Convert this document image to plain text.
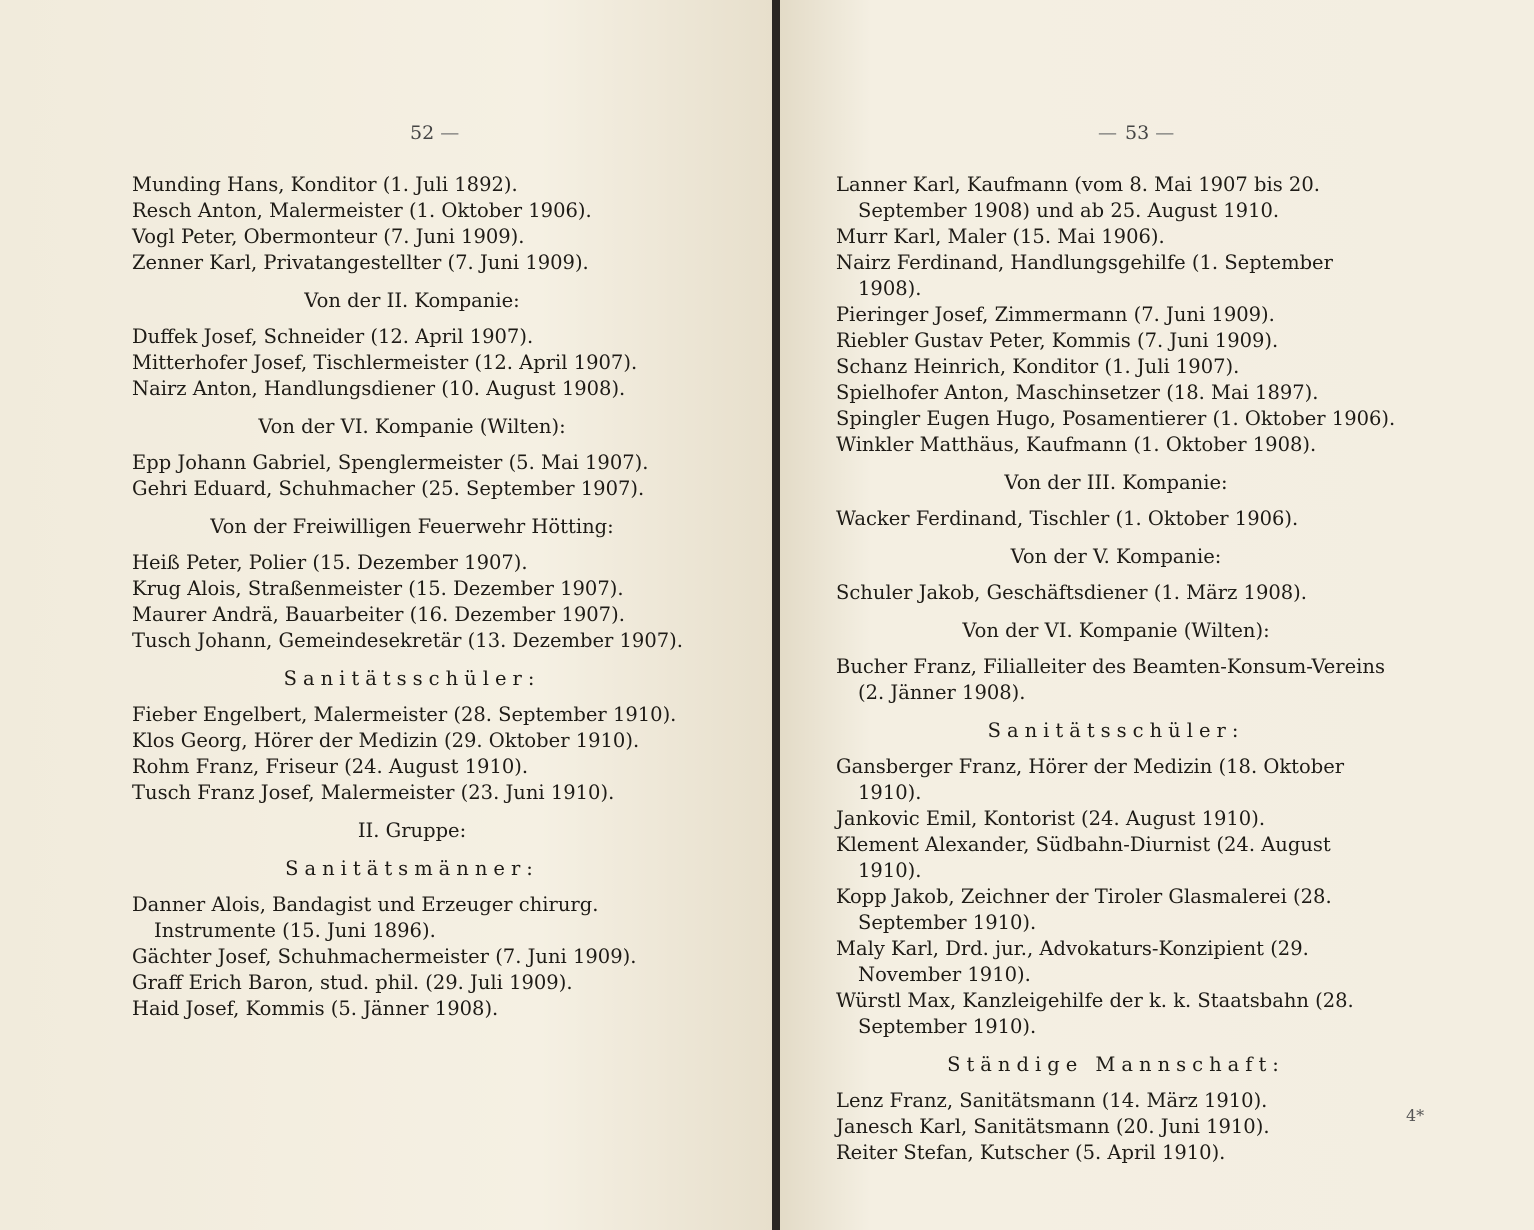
52 —
Munding Hans, Konditor (1. Juli 1892).
Resch Anton, Malermeister (1. Oktober 1906).
Vogl Peter, Obermonteur (7. Juni 1909).
Zenner Karl, Privatangestellter (7. Juni 1909).
Von der II. Kompanie:
Duffek Josef, Schneider (12. April 1907).
Mitterhofer Josef, Tischlermeister (12. April 1907).
Nairz Anton, Handlungsdiener (10. August 1908).
Von der VI. Kompanie (Wilten):
Epp Johann Gabriel, Spenglermeister (5. Mai 1907).
Gehri Eduard, Schuhmacher (25. September 1907).
Von der Freiwilligen Feuerwehr Hötting:
Heiß Peter, Polier (15. Dezember 1907).
Krug Alois, Straßenmeister (15. Dezember 1907).
Maurer Andrä, Bauarbeiter (16. Dezember 1907).
Tusch Johann, Gemeindesekretär (13. Dezember 1907).
Sanitätsschüler:
Fieber Engelbert, Malermeister (28. September 1910).
Klos Georg, Hörer der Medizin (29. Oktober 1910).
Rohm Franz, Friseur (24. August 1910).
Tusch Franz Josef, Malermeister (23. Juni 1910).
II. Gruppe:
Sanitätsmänner:
Danner Alois, Bandagist und Erzeuger chirurg. Instrumente (15. Juni 1896).
Gächter Josef, Schuhmachermeister (7. Juni 1909).
Graff Erich Baron, stud. phil. (29. Juli 1909).
Haid Josef, Kommis (5. Jänner 1908).
— 53 —
Lanner Karl, Kaufmann (vom 8. Mai 1907 bis 20. September 1908) und ab 25. August 1910.
Murr Karl, Maler (15. Mai 1906).
Nairz Ferdinand, Handlungsgehilfe (1. September 1908).
Pieringer Josef, Zimmermann (7. Juni 1909).
Riebler Gustav Peter, Kommis (7. Juni 1909).
Schanz Heinrich, Konditor (1. Juli 1907).
Spielhofer Anton, Maschinsetzer (18. Mai 1897).
Spingler Eugen Hugo, Posamentierer (1. Oktober 1906).
Winkler Matthäus, Kaufmann (1. Oktober 1908).
Von der III. Kompanie:
Wacker Ferdinand, Tischler (1. Oktober 1906).
Von der V. Kompanie:
Schuler Jakob, Geschäftsdiener (1. März 1908).
Von der VI. Kompanie (Wilten):
Bucher Franz, Filialleiter des Beamten-Konsum-Vereins (2. Jänner 1908).
Sanitätsschüler:
Gansberger Franz, Hörer der Medizin (18. Oktober 1910).
Jankovic Emil, Kontorist (24. August 1910).
Klement Alexander, Südbahn-Diurnist (24. August 1910).
Kopp Jakob, Zeichner der Tiroler Glasmalerei (28. September 1910).
Maly Karl, Drd. jur., Advokaturs-Konzipient (29. November 1910).
Würstl Max, Kanzleigehilfe der k. k. Staatsbahn (28. September 1910).
Ständige Mannschaft:
Lenz Franz, Sanitätsmann (14. März 1910).
Janesch Karl, Sanitätsmann (20. Juni 1910).
Reiter Stefan, Kutscher (5. April 1910).
4*
